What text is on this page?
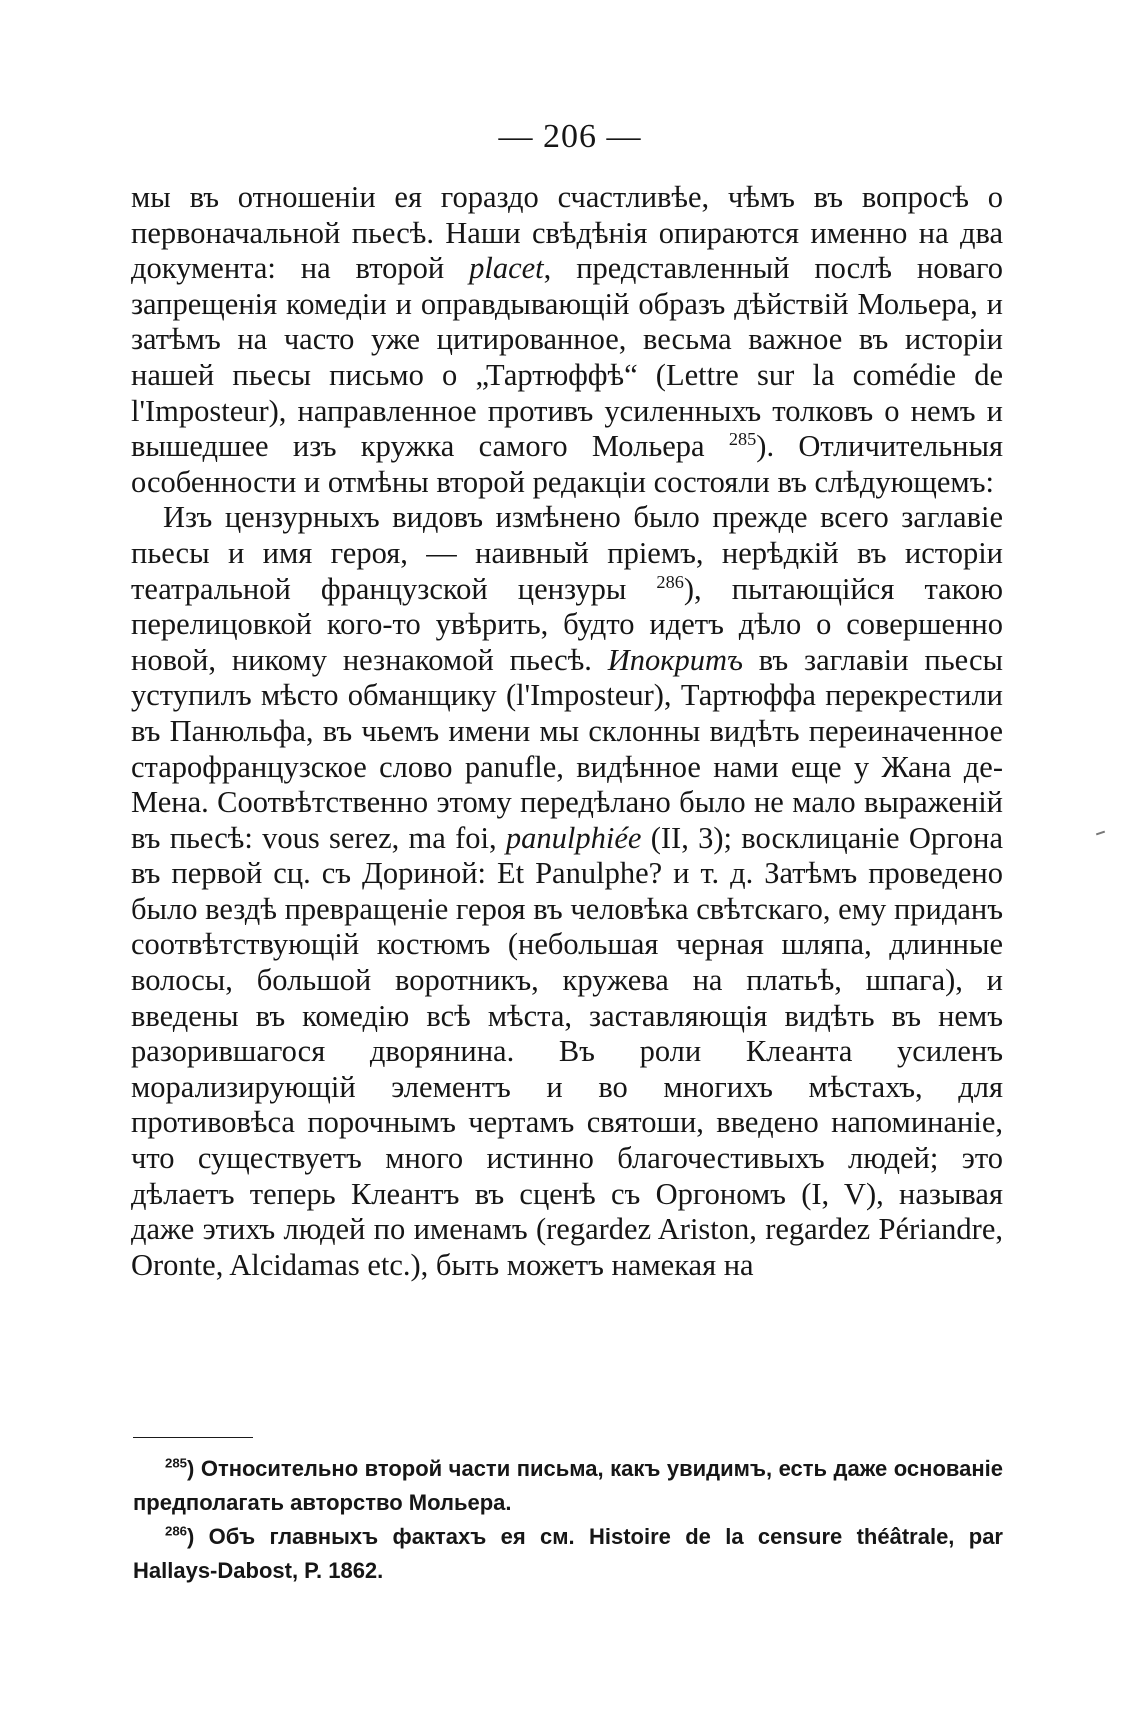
— 206 —

мы въ отношеніи ея гораздо счастливѣе, чѣмъ въ вопросѣ о первоначальной пьесѣ. Наши свѣдѣнія опираются именно на два документа: на второй placet, представленный послѣ новаго запрещенія комедіи и оправдывающій образъ дѣйствій Мольера, и затѣмъ на часто уже цитированное, весьма важное въ исторіи нашей пьесы письмо о „Тартюффѣ“ (Lettre sur la comédie de l'Imposteur), направленное противъ усиленныхъ толковъ о немъ и вышедшее изъ кружка самого Мольера $^{285}$). Отличительныя особенности и отмѣны второй редакціи состояли въ слѣдующемъ:

Изъ цензурныхъ видовъ измѣнено было прежде всего заглавіе пьесы и имя героя, — наивный пріемъ, нерѣдкій въ исторіи театральной французской цензуры $^{286}$), пытающійся такою перелицовкой кого-то увѣрить, будто идетъ дѣло о совершенно новой, никому незнакомой пьесѣ. Ипокритъ въ заглавіи пьесы уступилъ мѣсто обманщику (l'Imposteur), Тартюффа перекрестили въ Панюльфа, въ чьемъ имени мы склонны видѣть переиначенное старофранцузское слово panufle, видѣнное нами еще у Жана де-Мена. Соотвѣтственно этому передѣлано было не мало выраженій въ пьесѣ: vous serez, ma foi, panulphiée (II, 3); восклицаніе Оргона въ первой сц. съ Дориной: Et Panulphe? и т. д. Затѣмъ проведено было вездѣ превращеніе героя въ человѣка свѣтскаго, ему приданъ соотвѣтствующій костюмъ (небольшая черная шляпа, длинные волосы, большой воротникъ, кружева на платьѣ, шпага), и введены въ комедію всѣ мѣста, заставляющія видѣть въ немъ разорившагося дворянина. Въ роли Клеанта усиленъ морализирующій элементъ и во многихъ мѣстахъ, для противовѣса порочнымъ чертамъ святоши, введено напоминаніе, что существуетъ много истинно благочестивыхъ людей; это дѣлаетъ теперь Клеантъ въ сценѣ съ Оргономъ (I, V), называя даже этихъ людей по именамъ (regardez Ariston, regardez Périandre, Oronte, Alcidamas etc.), быть можетъ намекая на

$^{285}$) Относительно второй части письма, какъ увидимъ, есть даже основаніе предполагать авторство Мольера.

$^{286}$) Объ главныхъ фактахъ ея см. Histoire de la censure théâtrale, par Hallays-Dabost, P. 1862.
